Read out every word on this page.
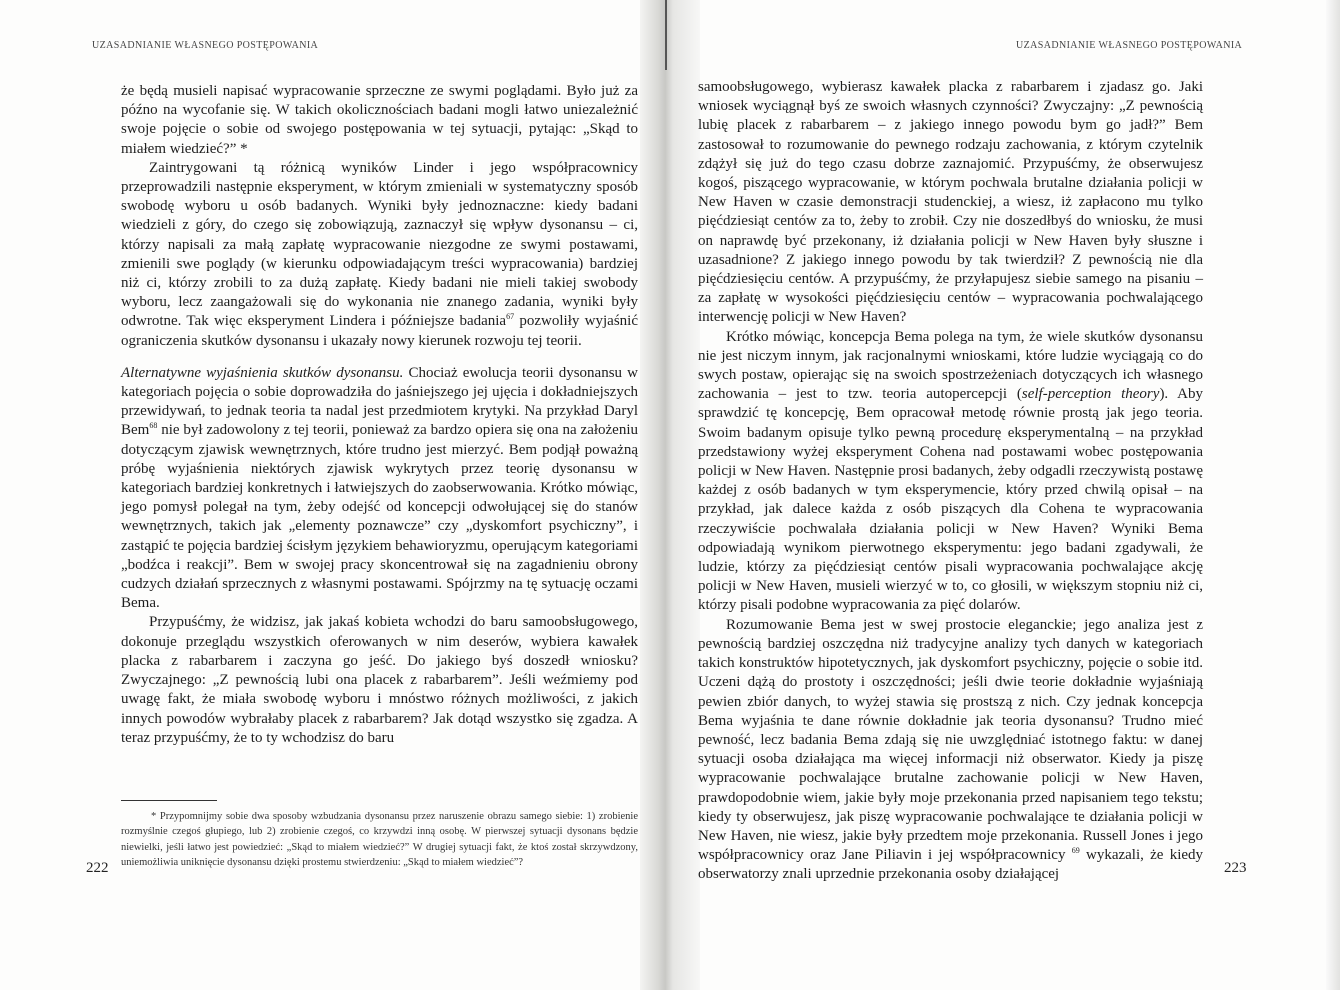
UZASADNIANIE WŁASNEGO POSTĘPOWANIA

że będą musieli napisać wypracowanie sprzeczne ze swymi poglądami. Było już za późno na wycofanie się. W takich okolicznościach badani mogli łatwo uniezależnić swoje pojęcie o sobie od swojego postępowania w tej sytuacji, pytając: „Skąd to miałem wiedzieć?” *

Zaintrygowani tą różnicą wyników Linder i jego współpracownicy przeprowadzili następnie eksperyment, w którym zmieniali w systematyczny sposób swobodę wyboru u osób badanych. Wyniki były jednoznaczne: kiedy badani wiedzieli z góry, do czego się zobowiązują, zaznaczył się wpływ dysonansu – ci, którzy napisali za małą zapłatę wypracowanie niezgodne ze swymi postawami, zmienili swe poglądy (w kierunku odpowiadającym treści wypracowania) bardziej niż ci, którzy zrobili to za dużą zapłatę. Kiedy badani nie mieli takiej swobody wyboru, lecz zaangażowali się do wykonania nie znanego zadania, wyniki były odwrotne. Tak więc eksperyment Lindera i późniejsze badania$^{67}$ pozwoliły wyjaśnić ograniczenia skutków dysonansu i ukazały nowy kierunek rozwoju tej teorii.

Alternatywne wyjaśnienia skutków dysonansu. Chociaż ewolucja teorii dysonansu w kategoriach pojęcia o sobie doprowadziła do jaśniejszego jej ujęcia i dokładniejszych przewidywań, to jednak teoria ta nadal jest przedmiotem krytyki. Na przykład Daryl Bem$^{68}$ nie był zadowolony z tej teorii, ponieważ za bardzo opiera się ona na założeniu dotyczącym zjawisk wewnętrznych, które trudno jest mierzyć. Bem podjął poważną próbę wyjaśnienia niektórych zjawisk wykrytych przez teorię dysonansu w kategoriach bardziej konkretnych i łatwiejszych do zaobserwowania. Krótko mówiąc, jego pomysł polegał na tym, żeby odejść od koncepcji odwołującej się do stanów wewnętrznych, takich jak „elementy poznawcze” czy „dyskomfort psychiczny”, i zastąpić te pojęcia bardziej ścisłym językiem behawioryzmu, operującym kategoriami „bodźca i reakcji”. Bem w swojej pracy skoncentrował się na zagadnieniu obrony cudzych działań sprzecznych z własnymi postawami. Spójrzmy na tę sytuację oczami Bema.

Przypuśćmy, że widzisz, jak jakaś kobieta wchodzi do baru samoobsługowego, dokonuje przeglądu wszystkich oferowanych w nim deserów, wybiera kawałek placka z rabarbarem i zaczyna go jeść. Do jakiego byś doszedł wniosku? Zwyczajnego: „Z pewnością lubi ona placek z rabarbarem”. Jeśli weźmiemy pod uwagę fakt, że miała swobodę wyboru i mnóstwo różnych możliwości, z jakich innych powodów wybrałaby placek z rabarbarem? Jak dotąd wszystko się zgadza. A teraz przypuśćmy, że to ty wchodzisz do baru

* Przypomnijmy sobie dwa sposoby wzbudzania dysonansu przez naruszenie obrazu samego siebie: 1) zrobienie rozmyślnie czegoś głupiego, lub 2) zrobienie czegoś, co krzywdzi inną osobę. W pierwszej sytuacji dysonans będzie niewielki, jeśli łatwo jest powiedzieć: „Skąd to miałem wiedzieć?” W drugiej sytuacji fakt, że ktoś został skrzywdzony, uniemożliwia uniknięcie dysonansu dzięki prostemu stwierdzeniu: „Skąd to miałem wiedzieć”?

222
UZASADNIANIE WŁASNEGO POSTĘPOWANIA

samoobsługowego, wybierasz kawałek placka z rabarbarem i zjadasz go. Jaki wniosek wyciągnął byś ze swoich własnych czynności? Zwyczajny: „Z pewnością lubię placek z rabarbarem – z jakiego innego powodu bym go jadł?” Bem zastosował to rozumowanie do pewnego rodzaju zachowania, z którym czytelnik zdążył się już do tego czasu dobrze zaznajomić. Przypuśćmy, że obserwujesz kogoś, piszącego wypracowanie, w którym pochwala brutalne działania policji w New Haven w czasie demonstracji studenckiej, a wiesz, iż zapłacono mu tylko pięćdziesiąt centów za to, żeby to zrobił. Czy nie doszedłbyś do wniosku, że musi on naprawdę być przekonany, iż działania policji w New Haven były słuszne i uzasadnione? Z jakiego innego powodu by tak twierdził? Z pewnością nie dla pięćdziesięciu centów. A przypuśćmy, że przyłapujesz siebie samego na pisaniu – za zapłatę w wysokości pięćdziesięciu centów – wypracowania pochwalającego interwencję policji w New Haven?

Krótko mówiąc, koncepcja Bema polega na tym, że wiele skutków dysonansu nie jest niczym innym, jak racjonalnymi wnioskami, które ludzie wyciągają co do swych postaw, opierając się na swoich spostrzeżeniach dotyczących ich własnego zachowania – jest to tzw. teoria autopercepcji (self-perception theory). Aby sprawdzić tę koncepcję, Bem opracował metodę równie prostą jak jego teoria. Swoim badanym opisuje tylko pewną procedurę eksperymentalną – na przykład przedstawiony wyżej eksperyment Cohena nad postawami wobec postępowania policji w New Haven. Następnie prosi badanych, żeby odgadli rzeczywistą postawę każdej z osób badanych w tym eksperymencie, który przed chwilą opisał – na przykład, jak dalece każda z osób piszących dla Cohena te wypracowania rzeczywiście pochwalała działania policji w New Haven? Wyniki Bema odpowiadają wynikom pierwotnego eksperymentu: jego badani zgadywali, że ludzie, którzy za pięćdziesiąt centów pisali wypracowania pochwalające akcję policji w New Haven, musieli wierzyć w to, co głosili, w większym stopniu niż ci, którzy pisali podobne wypracowania za pięć dolarów.

Rozumowanie Bema jest w swej prostocie eleganckie; jego analiza jest z pewnością bardziej oszczędna niż tradycyjne analizy tych danych w kategoriach takich konstruktów hipotetycznych, jak dyskomfort psychiczny, pojęcie o sobie itd. Uczeni dążą do prostoty i oszczędności; jeśli dwie teorie dokładnie wyjaśniają pewien zbiór danych, to wyżej stawia się prostszą z nich. Czy jednak koncepcja Bema wyjaśnia te dane równie dokładnie jak teoria dysonansu? Trudno mieć pewność, lecz badania Bema zdają się nie uwzględniać istotnego faktu: w danej sytuacji osoba działająca ma więcej informacji niż obserwator. Kiedy ja piszę wypracowanie pochwalające brutalne zachowanie policji w New Haven, prawdopodobnie wiem, jakie były moje przekonania przed napisaniem tego tekstu; kiedy ty obserwujesz, jak piszę wypracowanie pochwalające te działania policji w New Haven, nie wiesz, jakie były przedtem moje przekonania. Russell Jones i jego współpracownicy oraz Jane Piliavin i jej współpracownicy $^{69}$ wykazali, że kiedy obserwatorzy znali uprzednie przekonania osoby działającej	223
